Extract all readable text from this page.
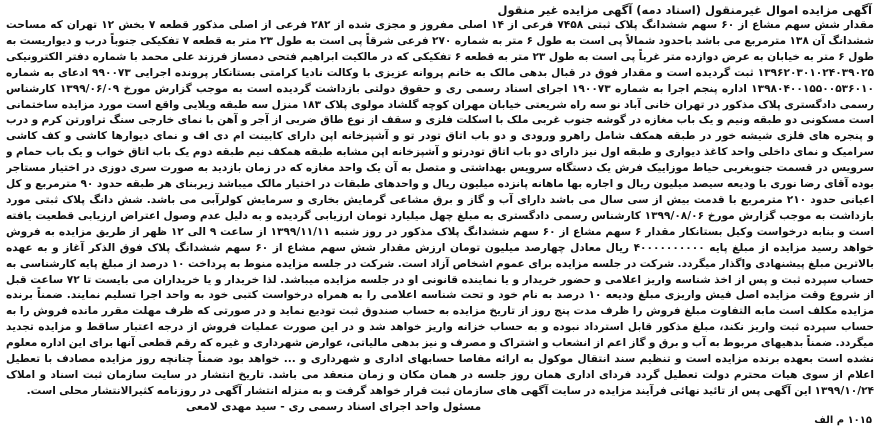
آگهی مزایده اموال غیرمنقول (اسناد دمه) آگهی مزایده غیر منقول
مقدار شش سهم مشاع از ۶۰ سهم ششدانگ پلاک ثبتی ۷۴۵۸ فرعی از ۱۴ اصلی مفروز و مجزی شده از ۲۸۲ فرعی از اصلی مذکور قطعه ۷ بخش ۱۲ تهران که مساحت ششدانگ آن ۱۳۸ مترمربع می باشد باحدود شمالاً پی است به طول ۶ متر به شماره ۲۷۰ فرعی شرقاً پی است به طول ۲۳ متر به قطعه ۷ تفکیکی جنوباً درب و دیواریست به طول ۶ متر به خیابان به عرض دوازده متر غرباً پی است به طول ۲۳ متر به قطعه ۶ تفکیکی که در مالکیت ابراهیم فتحی دمساز فرزند علی محمد با شماره دفتر الکترونیکی ۱۳۹۶۲۰۳۰۱۰۲۴۰۳۹۰۲۵ ثبت گردیده است و مقدار فوق در قبال بدهی مالک به خانم پروانه عزیزی با وکالت نادیا کرامتی بستانکار پرونده اجرایی ۹۹۰۰۷۳ ادعای به شماره ۱۳۹۸۰۴۰۰۱۵۵۰۰۵۳۶۰۱۰ اداره پنجم اجرا به شماره ۱۹۰۰۷۳ اجرای اسناد رسمی ری و حقوق دولتی بازداشت گردیده است به موجب گزارش مورخ ۱۳۹۹/۰۶/۰۹ کارشناس رسمی دادگستری پلاک مذکور در تهران خانی آباد نو سه راه شریعتی خیابان مهران کوچه گلشاد مولوی پلاک ۱۸۳ منزل سه طبقه ویلایی واقع است مورد مزایده ساختمانی است مسکونی دو طبقه ونیم و یک باب مغازه در گوشه جنوب غربی ملک با اسکلت فلزی و سقف از نوع طاق ضربی از آجر و آهن با نمای خارجی سنگ تراورتن کرم و درب و پنجره های فلزی شیشه خور در طبقه همکف شامل راهرو ورودی و دو باب اتاق تودر تو و آشپزخانه اپن دارای کابینت ام دی اف و نمای دیوارها کاشی و کف کاشی سرامیک و نمای داخلی واحد کاغذ دیواری و طبقه اول نیز دارای دو باب اتاق تودرتو و آشپزخانه اپن مشابه طبقه همکف نیم طبقه دوم یک باب اتاق خواب و یک باب حمام و سرویس در قسمت جنوبغربی حیاط موزاییک فرش یک دستگاه سرویس بهداشتی و متصل به آن یک واحد مغازه که در زمان بازدید به صورت سری دوزی در اختیار مستاجر بوده آقای رضا نوری با ودیعه سیصد میلیون ریال و اجاره بها ماهانه پانزده میلیون ریال و واحدهای طبقات در اختیار مالک میباشد زیربنای هر طبقه حدود ۹۰ مترمربع و کل اعیانی حدود ۲۱۰ مترمربع با قدمت بیش از سی سال می باشد دارای آب و گاز و برق مشاعی گرمایش بخاری و سرمایش کولرآبی می باشد. شش دانگ پلاک ثبتی مورد بازداشت به موجب گزارش مورخ ۱۳۹۹/۰۸/۰۶ کارشناس رسمی دادگستری به مبلغ چهل میلیارد تومان ارزیابی گردیده و به دلیل عدم وصول اعتراض ارزیابی قطعیت یافته است و بنابه درخواست وکیل بستانکار مقدار ۶ سهم مشاع از ۶۰ سهم ششدانگ پلاک مذکور در روز شنبه ۱۳۹۹/۱۱/۱۱ از ساعت ۹ الی ۱۲ ظهر از طریق مزایده به فروش خواهد رسید مزایده از مبلغ پایه ۴۰۰۰۰۰۰۰۰۰۰ ریال معادل چهارصد میلیون تومان ارزش مقدار شش سهم مشاع از ۶۰ سهم ششدانگ پلاک فوق الذکر آغاز و به عهده بالاترین مبلغ پیشنهادی واگذار میگردد. شرکت در جلسه مزایده برای عموم اشخاص آزاد است. شرکت در جلسه مزایده منوط به پرداخت ۱۰ درصد از مبلغ پایه کارشناسی به حساب سپرده ثبت و پس از اخذ شناسه واریز اعلامی و حضور خریدار و یا نماینده قانونی او در جلسه مزایده میباشد. لذا خریدار و یا خریداران می بایست تا ۷۲ ساعت قبل از شروع وقت مزایده اصل فیش واریزی مبلغ ودیعه ۱۰ درصد به نام خود و تحت شناسه اعلامی را به همراه درخواست کتبی خود به واحد اجرا تسلیم نمایند. ضمناً برنده مزایده مکلف است مابه التفاوت مبلغ فروش را ظرف مدت پنج روز از تاریخ مزایده به حساب صندوق ثبت تودیع نماید و در صورتی که ظرف مهلت مقرر مانده فروش را به حساب سپرده ثبت واریز نکند، مبلغ مذکور قابل استرداد نبوده و به حساب خزانه واریز خواهد شد و در این صورت عملیات فروش از درجه اعتبار ساقط و مزایده تجدید میگردد. ضمناً بدهیهای مربوط به آب و برق و گاز اعم از انشعاب و اشتراک و مصرف و نیز بدهی مالیاتی، عوارض شهرداری و غیره که رقم قطعی آنها برای این اداره معلوم نشده است بعهده برنده مزایده است و تنظیم سند انتقال موکول به ارائه مفاصا حسابهای اداری و شهرداری و ... خواهد بود ضمناً چنانچه روز مزایده مصادف با تعطیل اعلام از سوی هیات محترم دولت تعطیل گردد فردای اداری همان روز جلسه در همان مکان و زمان منعقد می باشد. تاریخ انتشار در سایت سازمان ثبت اسناد و املاک ۱۳۹۹/۱۰/۲۴ این آگهی پس از تائید نهائی فرآیند مزایده در سایت آگهی های سازمان ثبت قرار خواهد گرفت و به منزله انتشار آگهی در روزنامه کثیرالانتشار محلی است.
مسئول واحد اجرای اسناد رسمی ری - سید مهدی لامعی
۱۰۱۵ م الف
